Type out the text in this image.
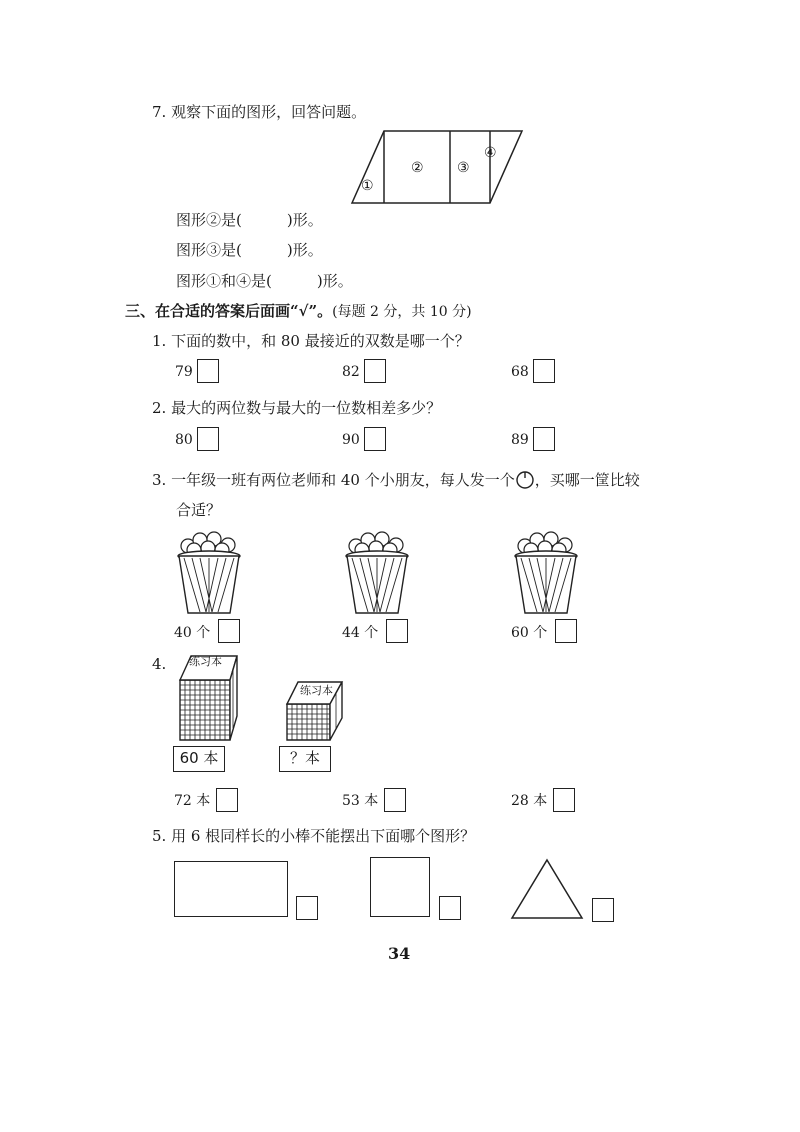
7. 观察下面的图形，回答问题。
①
② ③
④
图形②是(　　　)形。
图形③是(　　　)形。
图形①和④是(　　　)形。
三、在合适的答案后面画“√”。(每题 2 分，共 10 分)
1. 下面的数中，和 80 最接近的双数是哪一个？
79	82	68
2. 最大的两位数与最大的一位数相差多少？
80	90	89
3. 一年级一班有两位老师和 40 个小朋友，每人发一个 ，买哪一筐比较
合适？
40 个	44 个	60 个
4. 练习本
练习本
60 本	？本
72 本	53 本	28 本
5. 用 6 根同样长的小棒不能摆出下面哪个图形？
34
